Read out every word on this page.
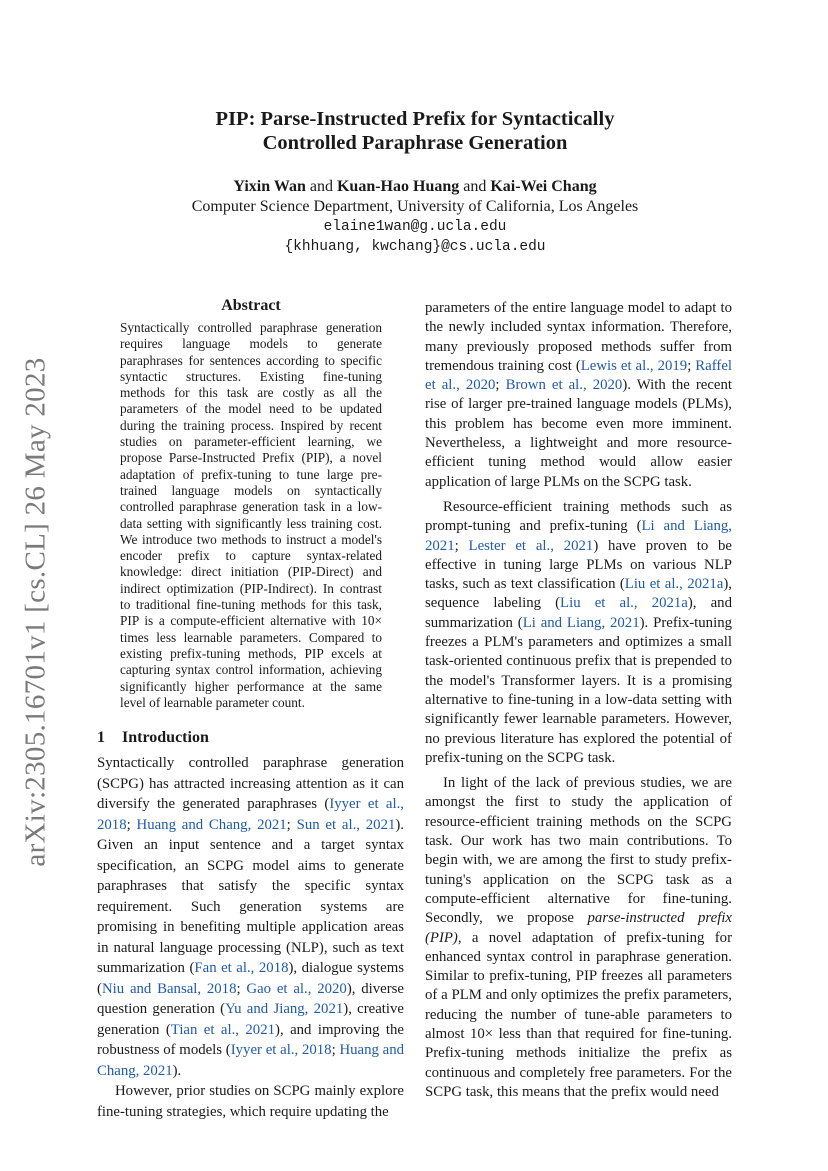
arXiv:2305.16701v1 [cs.CL] 26 May 2023
PIP: Parse-Instructed Prefix for Syntactically
Controlled Paraphrase Generation
Yixin Wan and Kuan-Hao Huang and Kai-Wei Chang
Computer Science Department, University of California, Los Angeles
elaine1wan@g.ucla.edu
{khhuang, kwchang}@cs.ucla.edu
Abstract

Syntactically controlled paraphrase generation requires language models to generate paraphrases for sentences according to specific syntactic structures. Existing fine-tuning methods for this task are costly as all the parameters of the model need to be updated during the training process. Inspired by recent studies on parameter-efficient learning, we propose Parse-Instructed Prefix (PIP), a novel adaptation of prefix-tuning to tune large pre-trained language models on syntactically controlled paraphrase generation task in a low-data setting with significantly less training cost. We introduce two methods to instruct a model's encoder prefix to capture syntax-related knowledge: direct initiation (PIP-Direct) and indirect optimization (PIP-Indirect). In contrast to traditional fine-tuning methods for this task, PIP is a compute-efficient alternative with 10× times less learnable parameters. Compared to existing prefix-tuning methods, PIP excels at capturing syntax control information, achieving significantly higher performance at the same level of learnable parameter count.

1 Introduction

Syntactically controlled paraphrase generation (SCPG) has attracted increasing attention as it can diversify the generated paraphrases (Iyyer et al., 2018; Huang and Chang, 2021; Sun et al., 2021). Given an input sentence and a target syntax specification, an SCPG model aims to generate paraphrases that satisfy the specific syntax requirement. Such generation systems are promising in benefiting multiple application areas in natural language processing (NLP), such as text summarization (Fan et al., 2018), dialogue systems (Niu and Bansal, 2018; Gao et al., 2020), diverse question generation (Yu and Jiang, 2021), creative generation (Tian et al., 2021), and improving the robustness of models (Iyyer et al., 2018; Huang and Chang, 2021).

However, prior studies on SCPG mainly explore fine-tuning strategies, which require updating the

parameters of the entire language model to adapt to the newly included syntax information. Therefore, many previously proposed methods suffer from tremendous training cost (Lewis et al., 2019; Raffel et al., 2020; Brown et al., 2020). With the recent rise of larger pre-trained language models (PLMs), this problem has become even more imminent. Nevertheless, a lightweight and more resource-efficient tuning method would allow easier application of large PLMs on the SCPG task.

Resource-efficient training methods such as prompt-tuning and prefix-tuning (Li and Liang, 2021; Lester et al., 2021) have proven to be effective in tuning large PLMs on various NLP tasks, such as text classification (Liu et al., 2021a), sequence labeling (Liu et al., 2021a), and summarization (Li and Liang, 2021). Prefix-tuning freezes a PLM's parameters and optimizes a small task-oriented continuous prefix that is prepended to the model's Transformer layers. It is a promising alternative to fine-tuning in a low-data setting with significantly fewer learnable parameters. However, no previous literature has explored the potential of prefix-tuning on the SCPG task.

In light of the lack of previous studies, we are amongst the first to study the application of resource-efficient training methods on the SCPG task. Our work has two main contributions. To begin with, we are among the first to study prefix-tuning's application on the SCPG task as a compute-efficient alternative for fine-tuning. Secondly, we propose parse-instructed prefix (PIP), a novel adaptation of prefix-tuning for enhanced syntax control in paraphrase generation. Similar to prefix-tuning, PIP freezes all parameters of a PLM and only optimizes the prefix parameters, reducing the number of tune-able parameters to almost 10× less than that required for fine-tuning. Prefix-tuning methods initialize the prefix as continuous and completely free parameters. For the SCPG task, this means that the prefix would need
